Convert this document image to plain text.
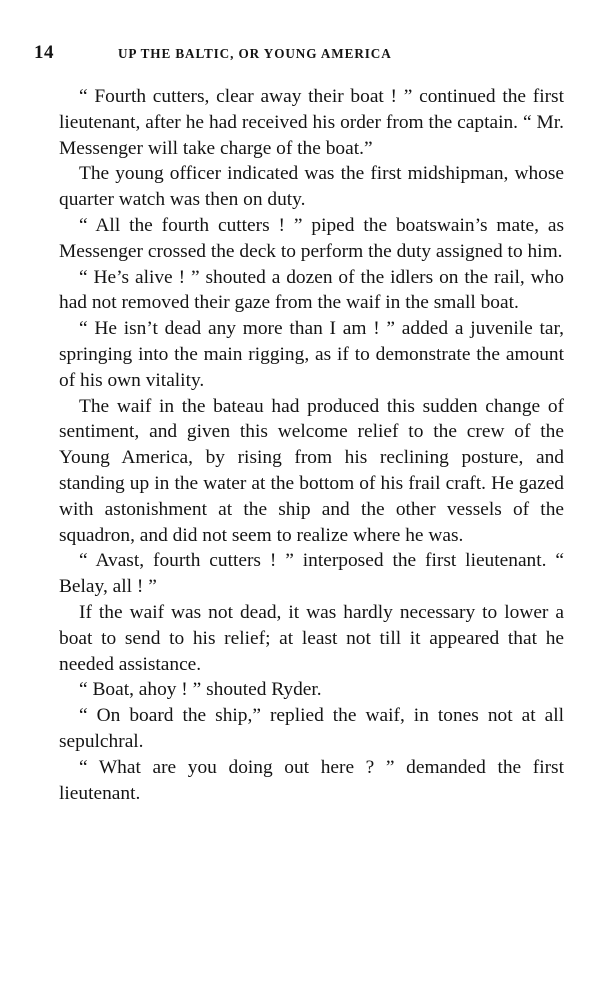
14	UP THE BALTIC, OR YOUNG AMERICA

“ Fourth cutters, clear away their boat ! ” continued the first lieutenant, after he had received his order from the captain. “ Mr. Messenger will take charge of the boat.”

The young officer indicated was the first midshipman, whose quarter watch was then on duty.

“ All the fourth cutters ! ” piped the boatswain’s mate, as Messenger crossed the deck to perform the duty assigned to him.

“ He’s alive ! ” shouted a dozen of the idlers on the rail, who had not removed their gaze from the waif in the small boat.

“ He isn’t dead any more than I am ! ” added a juvenile tar, springing into the main rigging, as if to demonstrate the amount of his own vitality.

The waif in the bateau had produced this sudden change of sentiment, and given this welcome relief to the crew of the Young America, by rising from his reclining posture, and standing up in the water at the bottom of his frail craft. He gazed with astonishment at the ship and the other vessels of the squadron, and did not seem to realize where he was.

“ Avast, fourth cutters ! ” interposed the first lieutenant. “ Belay, all ! ”

If the waif was not dead, it was hardly necessary to lower a boat to send to his relief; at least not till it appeared that he needed assistance.

“ Boat, ahoy ! ” shouted Ryder.

“ On board the ship,” replied the waif, in tones not at all sepulchral.

“ What are you doing out here ? ” demanded the first lieutenant.
